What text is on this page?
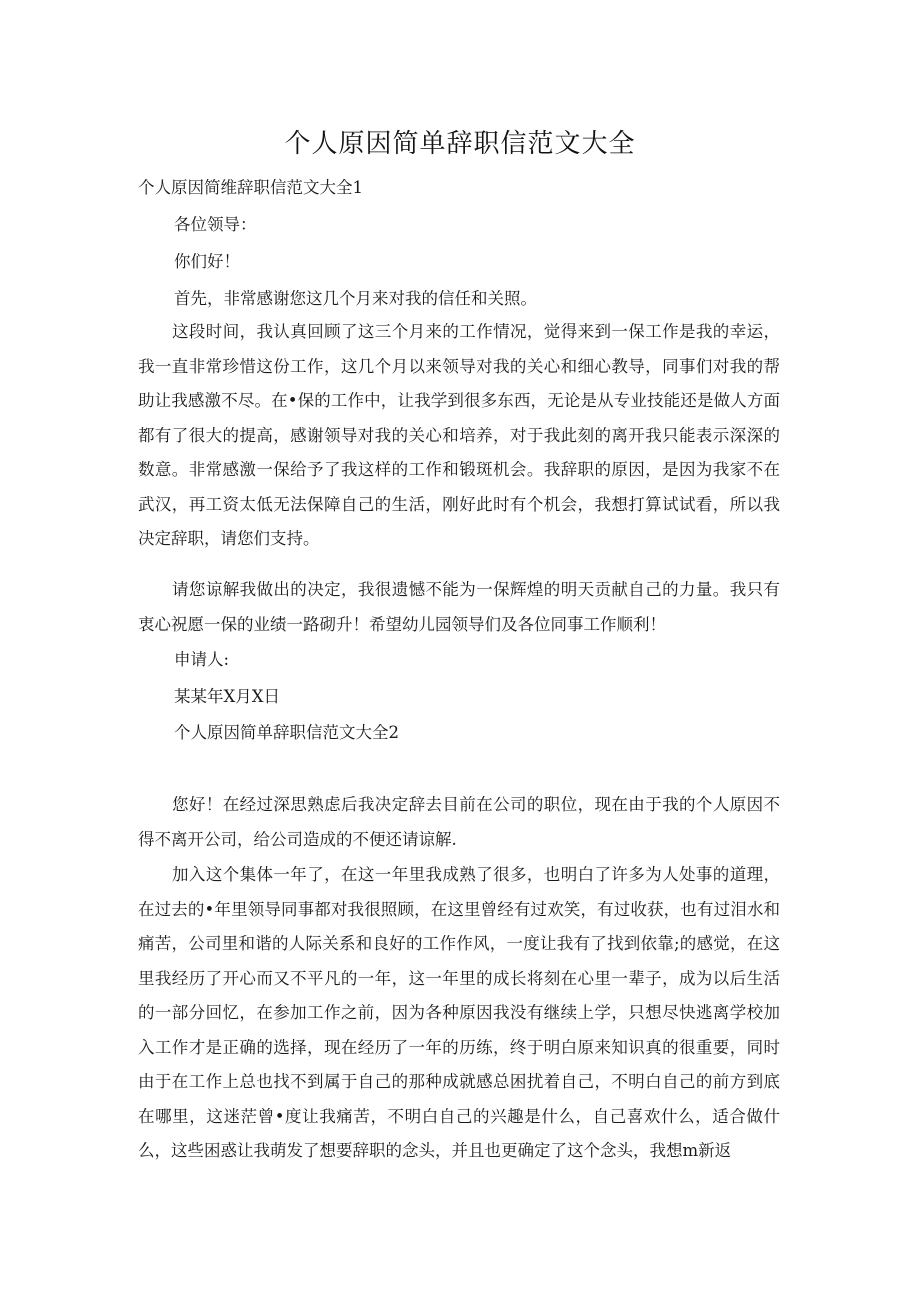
个人原因简单辞职信范文大全
个人原因简维辞职信范文大全1
各位领导：
你们好！
首先，非常感谢您这几个月来对我的信任和关照。
这段时间，我认真回顾了这三个月来的工作情况，觉得来到一保工作是我的幸运，我一直非常珍惜这份工作，这几个月以来领导对我的关心和细心教导，同事们对我的帮助让我感激不尽。在•保的工作中，让我学到很多东西，无论是从专业技能还是做人方面都有了很大的提高，感谢领导对我的关心和培养，对于我此刻的离开我只能表示深深的数意。非常感激一保给予了我这样的工作和锻斑机会。我辞职的原因，是因为我家不在武汉，再工资太低无法保障自己的生活，刚好此时有个机会，我想打算试试看，所以我决定辞职，请您们支持。
请您谅解我做出的决定，我很遗憾不能为一保辉煌的明天贡献自己的力量。我只有衷心祝愿一保的业绩一路砌升！希望幼儿园领导们及各位同事工作顺利！
申请人:
某某年X月X日
个人原因简单辞职信范文大全2
您好！在经过深思熟虑后我决定辞去目前在公司的职位，现在由于我的个人原因不得不离开公司，给公司造成的不便还请谅解.
加入这个集体一年了，在这一年里我成熟了很多，也明白了许多为人处事的道理，在过去的•年里领导同事都对我很照顾，在这里曾经有过欢笑，有过收获，也有过泪水和痛苦，公司里和谐的人际关系和良好的工作作风，一度让我有了找到依靠;的感觉，在这里我经历了开心而又不平凡的一年，这一年里的成长将刻在心里一辈子，成为以后生活的一部分回忆，在参加工作之前，因为各种原因我没有继续上学，只想尽快逃离学校加入工作才是正确的选择，现在经历了一年的历练，终于明白原来知识真的很重要，同时由于在工作上总也找不到属于自己的那种成就感总困扰着自己，不明白自己的前方到底在哪里，这迷茫曾•度让我痛苦，不明白自己的兴趣是什么，自己喜欢什么，适合做什么，这些困惑让我萌发了想要辞职的念头，并且也更确定了这个念头，我想m新返
